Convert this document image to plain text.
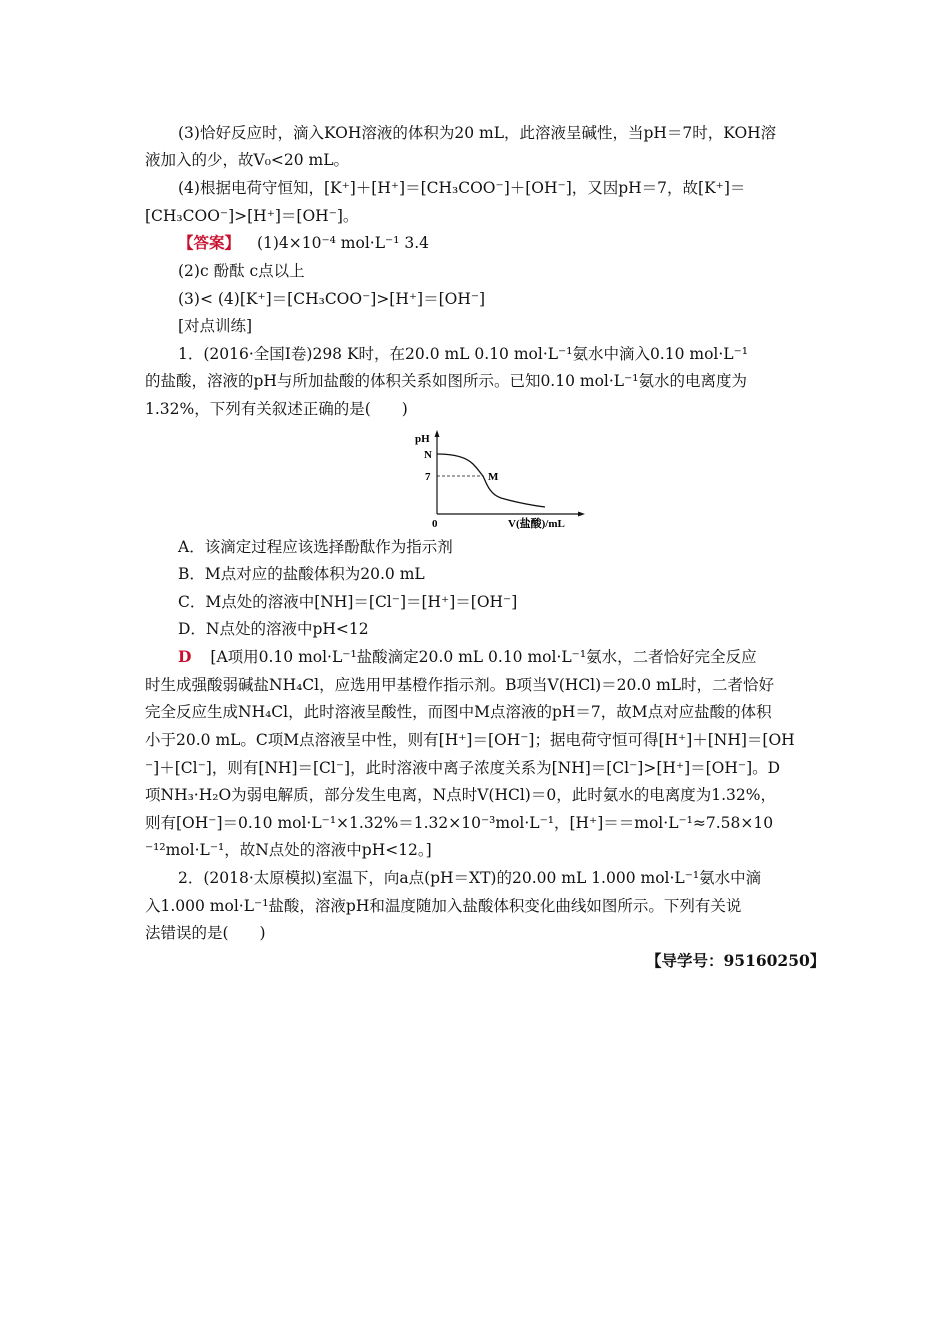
(3)恰好反应时，滴入KOH溶液的体积为20 mL，此溶液呈碱性，当pH＝7时，KOH溶
液加入的少，故V₀<20 mL。
(4)根据电荷守恒知，[K⁺]＋[H⁺]＝[CH₃COO⁻]＋[OH⁻]，又因pH＝7，故[K⁺]＝
[CH₃COO⁻]>[H⁺]＝[OH⁻]。
【答案】 (1)4×10⁻⁴ mol·L⁻¹ 3.4
(2)c 酚酞 c点以上
(3)< (4)[K⁺]＝[CH₃COO⁻]>[H⁺]＝[OH⁻]
[对点训练]
1．(2016·全国Ⅰ卷)298 K时，在20.0 mL 0.10 mol·L⁻¹氨水中滴入0.10 mol·L⁻¹
的盐酸，溶液的pH与所加盐酸的体积关系如图所示。已知0.10 mol·L⁻¹氨水的电离度为
1.32%，下列有关叙述正确的是(　　)
pH
N
7	M
0	V(盐酸)/mL
A．该滴定过程应该选择酚酞作为指示剂
B．M点对应的盐酸体积为20.0 mL
C．M点处的溶液中[NH]＝[Cl⁻]＝[H⁺]＝[OH⁻]
D．N点处的溶液中pH<12
D [A项用0.10 mol·L⁻¹盐酸滴定20.0 mL 0.10 mol·L⁻¹氨水，二者恰好完全反应
时生成强酸弱碱盐NH₄Cl，应选用甲基橙作指示剂。B项当V(HCl)＝20.0 mL时，二者恰好
完全反应生成NH₄Cl，此时溶液呈酸性，而图中M点溶液的pH＝7，故M点对应盐酸的体积
小于20.0 mL。C项M点溶液呈中性，则有[H⁺]＝[OH⁻]；据电荷守恒可得[H⁺]＋[NH]＝[OH
⁻]＋[Cl⁻]，则有[NH]＝[Cl⁻]，此时溶液中离子浓度关系为[NH]＝[Cl⁻]>[H⁺]＝[OH⁻]。D
项NH₃·H₂O为弱电解质，部分发生电离，N点时V(HCl)＝0，此时氨水的电离度为1.32%，
则有[OH⁻]＝0.10 mol·L⁻¹×1.32%＝1.32×10⁻³mol·L⁻¹，[H⁺]＝＝mol·L⁻¹≈7.58×10
⁻¹²mol·L⁻¹，故N点处的溶液中pH<12。]
2．(2018·太原模拟)室温下，向a点(pH＝XT)的20.00 mL 1.000 mol·L⁻¹氨水中滴
入1.000 mol·L⁻¹盐酸，溶液pH和温度随加入盐酸体积变化曲线如图所示。下列有关说
法错误的是(　　)
【导学号：95160250】
